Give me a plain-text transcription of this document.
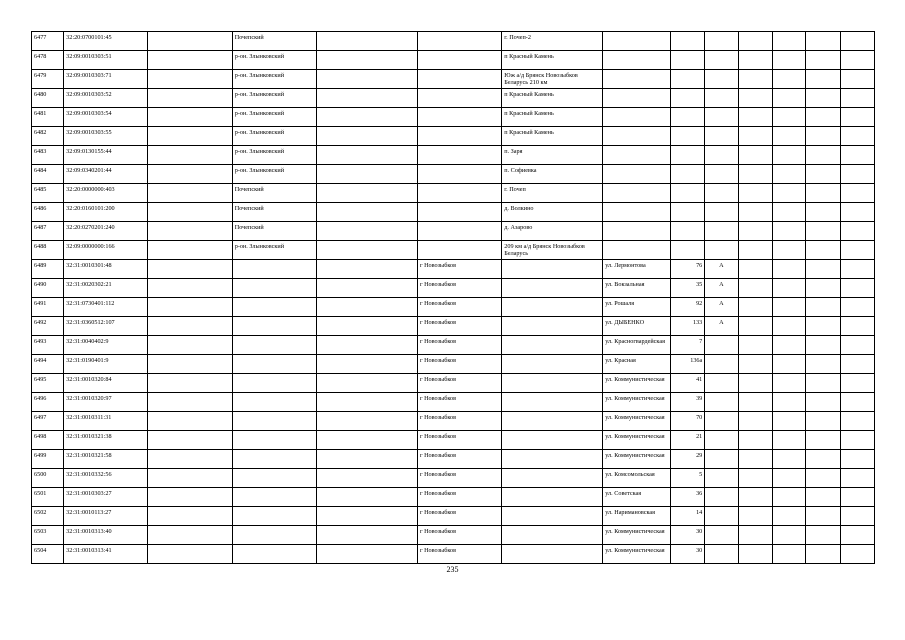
6477	32:20:0700101:45		Почепский			г. Почеп-2							
6478	32:09:0010303:51		р-он. Злынковский			п Красный Камень							
6479	32:09:0010303:71		р-он. Злынковский			Юж а/д Брянск Новозыбков Беларусь 210 км							
6480	32:09:0010303:52		р-он. Злынковский			п Красный Камень							
6481	32:09:0010303:54		р-он. Злынковский			п Красный Камень							
6482	32:09:0010303:55		р-он. Злынковский			п Красный Камень							
6483	32:09:0130155:44		р-он. Злынковский			п. Заря							
6484	32:09:0340201:44		р-он. Злынковский			п. Софиевка							
6485	32:20:0000000:403		Почепский			г. Почеп							
6486	32:20:0160101:200		Почепский			д. Волкино							
6487	32:20:0270201:240		Почепский			д. Азарово							
6488	32:09:0000000:166		р-он. Злынковский			209 км а/д Брянск Новозыбков Беларусь							
6489	32:31:0010301:48				г Новозыбков		ул. Лермонтова	76	А				
6490	32:31:0020302:21				г Новозыбков		ул. Вокзальная	35	А				
6491	32:31:0730401:112				г Новозыбков		ул. Рошаля	92	А				
6492	32:31:0360512:107				г Новозыбков		ул. ДЫБЕНКО	133	А				
6493	32:31:0040402:9				г Новозыбков		ул. Красногвардейская	7					
6494	32:31:0190401:9				г Новозыбков		ул. Красная	136а					
6495	32:31:0010320:84				г Новозыбков		ул. Коммунистическая	41					
6496	32:31:0010320:97				г Новозыбков		ул. Коммунистическая	39					
6497	32:31:0010311:31				г Новозыбков		ул. Коммунистическая	70					
6498	32:31:0010321:38				г Новозыбков		ул. Коммунистическая	21					
6499	32:31:0010321:58				г Новозыбков		ул. Коммунистическая	29					
6500	32:31:0010332:56				г Новозыбков		ул. Комсомольская	5					
6501	32:31:0010303:27				г Новозыбков		ул. Советская	36					
6502	32:31:0010113:27				г Новозыбков		ул. Наримановская	14					
6503	32:31:0010313:40				г Новозыбков		ул. Коммунистическая	30					
6504	32:31:0010313:41				г Новозыбков		ул. Коммунистическая	30					
235
